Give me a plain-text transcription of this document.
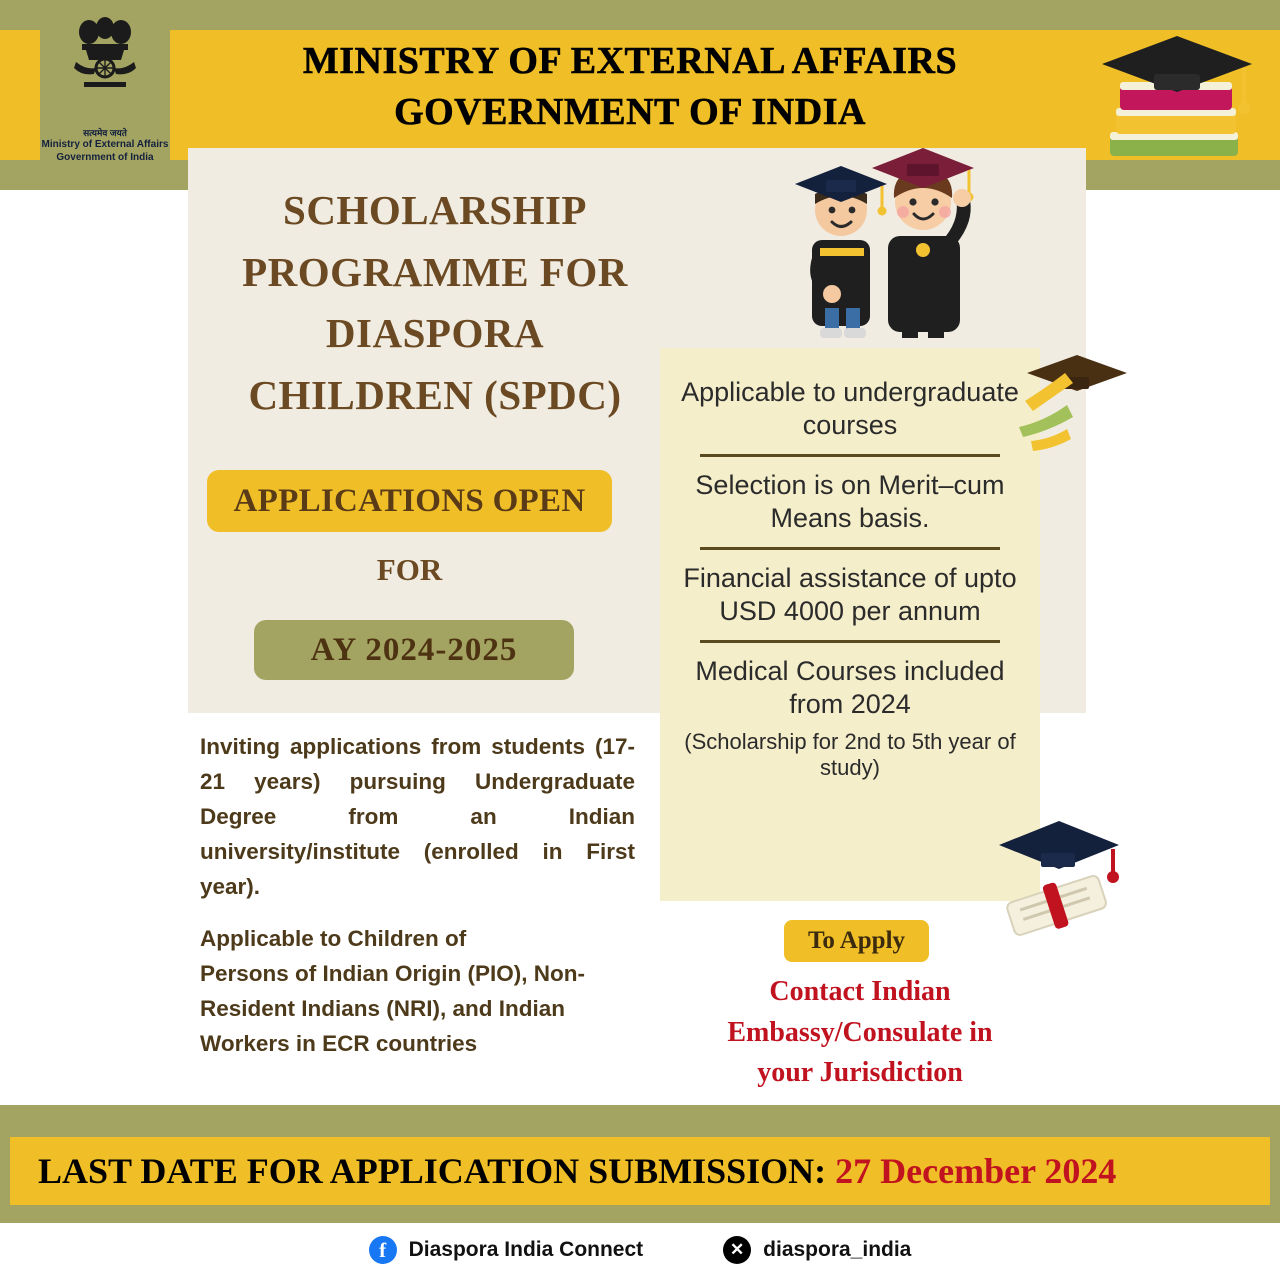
सत्यमेव जयते
Ministry of External Affairs
Government of India
MINISTRY OF EXTERNAL AFFAIRS
GOVERNMENT OF INDIA
SCHOLARSHIP
PROGRAMME FOR
DIASPORA
CHILDREN (SPDC)
APPLICATIONS OPEN
FOR
AY 2024-2025
Inviting applications from students (17-21 years) pursuing Undergraduate Degree from an Indian university/institute (enrolled in First year).
Applicable to Children of
Persons of Indian Origin (PIO), Non-Resident Indians (NRI), and Indian Workers in ECR countries
Applicable to undergraduate courses
Selection is on Merit–cum Means basis.
Financial assistance of upto USD 4000 per annum
Medical Courses included from 2024
(Scholarship for 2nd to 5th year of study)
To Apply
Contact Indian
Embassy/Consulate in
your Jurisdiction
LAST DATE FOR APPLICATION SUBMISSION: 27 December 2024
f	Diaspora India Connect	✕ diaspora_india
